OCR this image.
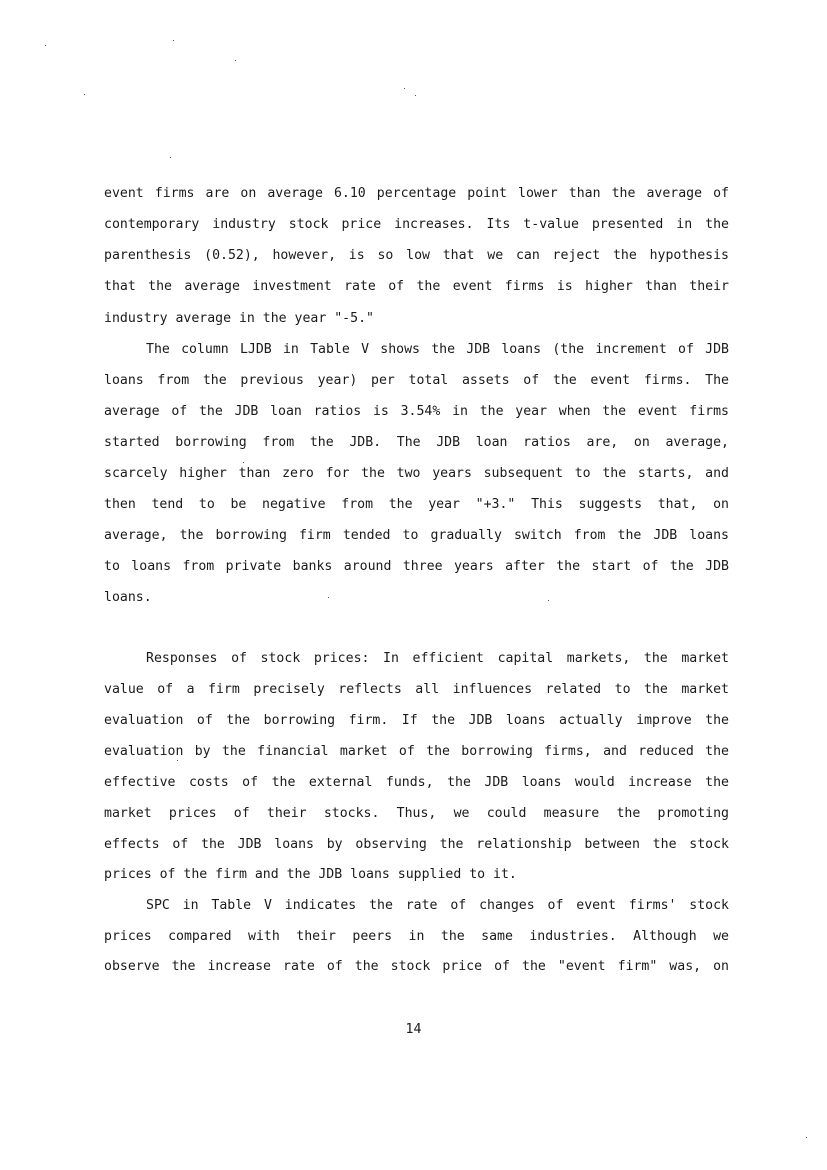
event firms are on average 6.10 percentage point lower than the average of
contemporary industry stock price increases. Its t-value presented in the
parenthesis (0.52), however, is so low that we can reject the hypothesis
that the average investment rate of the event firms is higher than their
industry average in the year "-5."
The column LJDB in Table V shows the JDB loans (the increment of JDB
loans from the previous year) per total assets of the event firms. The
average of the JDB loan ratios is 3.54% in the year when the event firms
started borrowing from the JDB. The JDB loan ratios are, on average,
scarcely higher than zero for the two years subsequent to the starts, and
then tend to be negative from the year "+3." This suggests that, on
average, the borrowing firm tended to gradually switch from the JDB loans
to loans from private banks around three years after the start of the JDB
loans.
Responses of stock prices: In efficient capital markets, the market
value of a firm precisely reflects all influences related to the market
evaluation of the borrowing firm. If the JDB loans actually improve the
evaluation by the financial market of the borrowing firms, and reduced the
effective costs of the external funds, the JDB loans would increase the
market prices of their stocks. Thus, we could measure the promoting
effects of the JDB loans by observing the relationship between the stock
prices of the firm and the JDB loans supplied to it.
SPC in Table V indicates the rate of changes of event firms' stock
prices compared with their peers in the same industries. Although we
observe the increase rate of the stock price of the "event firm" was, on
14
